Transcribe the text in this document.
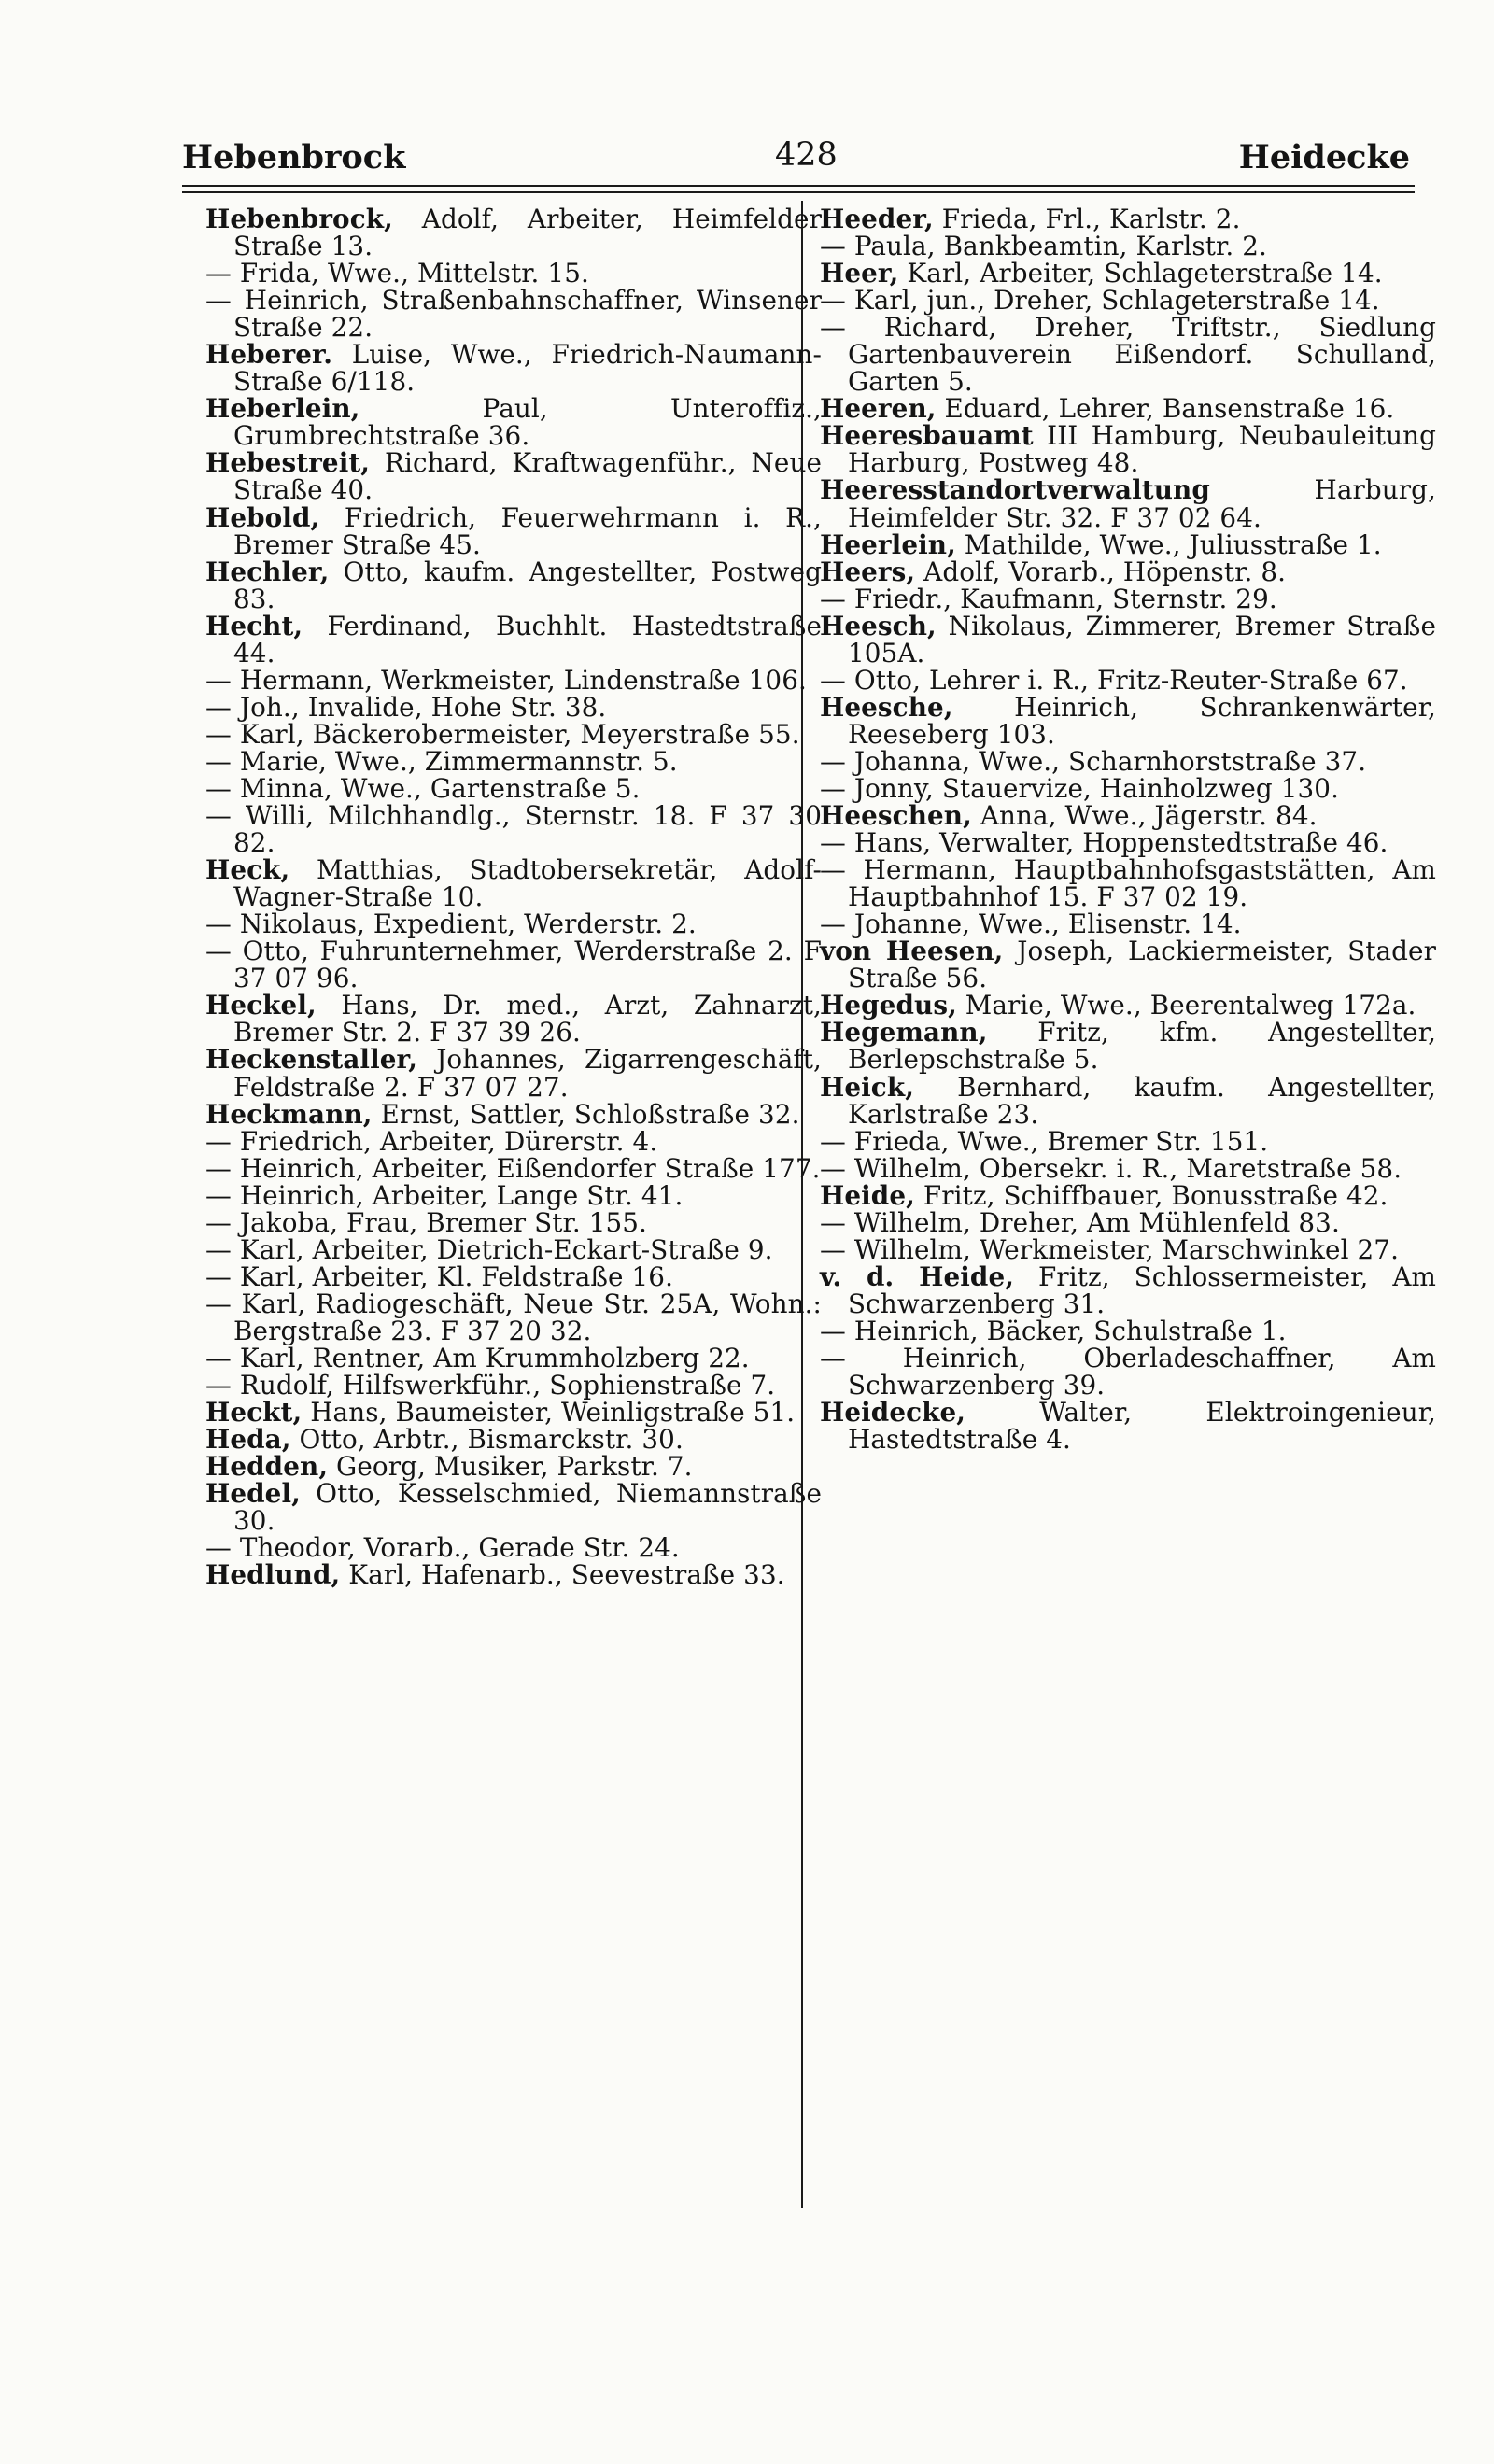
Hebenbrock	428	Heidecke
Hebenbrock, Adolf, Arbeiter, Heimfelder Straße 13.
— Frida, Wwe., Mittelstr. 15.
— Heinrich, Straßenbahnschaffner, Winsener Straße 22.
Heberer. Luise, Wwe., Friedrich-Naumann-Straße 6/118.
Heberlein, Paul, Unteroffiz., Grumbrechtstraße 36.
Hebestreit, Richard, Kraftwagenführ., Neue Straße 40.
Hebold, Friedrich, Feuerwehrmann i. R., Bremer Straße 45.
Hechler, Otto, kaufm. Angestellter, Postweg 83.
Hecht, Ferdinand, Buchhlt. Hastedtstraße 44.
— Hermann, Werkmeister, Lindenstraße 106.
— Joh., Invalide, Hohe Str. 38.
— Karl, Bäckerobermeister, Meyerstraße 55.
— Marie, Wwe., Zimmermannstr. 5.
— Minna, Wwe., Gartenstraße 5.
— Willi, Milchhandlg., Sternstr. 18. F 37 30 82.
Heck, Matthias, Stadtobersekretär, Adolf-Wagner-Straße 10.
— Nikolaus, Expedient, Werderstr. 2.
— Otto, Fuhrunternehmer, Werderstraße 2. F 37 07 96.
Heckel, Hans, Dr. med., Arzt, Zahnarzt, Bremer Str. 2. F 37 39 26.
Heckenstaller, Johannes, Zigarrengeschäft, Feldstraße 2. F 37 07 27.
Heckmann, Ernst, Sattler, Schloßstraße 32.
— Friedrich, Arbeiter, Dürerstr. 4.
— Heinrich, Arbeiter, Eißendorfer Straße 177.
— Heinrich, Arbeiter, Lange Str. 41.
— Jakoba, Frau, Bremer Str. 155.
— Karl, Arbeiter, Dietrich-Eckart-Straße 9.
— Karl, Arbeiter, Kl. Feldstraße 16.
— Karl, Radiogeschäft, Neue Str. 25A, Wohn.: Bergstraße 23. F 37 20 32.
— Karl, Rentner, Am Krummholzberg 22.
— Rudolf, Hilfswerkführ., Sophienstraße 7.
Heckt, Hans, Baumeister, Weinligstraße 51.
Heda, Otto, Arbtr., Bismarckstr. 30.
Hedden, Georg, Musiker, Parkstr. 7.
Hedel, Otto, Kesselschmied, Niemannstraße 30.
— Theodor, Vorarb., Gerade Str. 24.
Hedlund, Karl, Hafenarb., Seevestraße 33.
Heeder, Frieda, Frl., Karlstr. 2.
— Paula, Bankbeamtin, Karlstr. 2.
Heer, Karl, Arbeiter, Schlageterstraße 14.
— Karl, jun., Dreher, Schlageterstraße 14.
— Richard, Dreher, Triftstr., Siedlung Gartenbauverein Eißendorf. Schulland, Garten 5.
Heeren, Eduard, Lehrer, Bansenstraße 16.
Heeresbauamt III Hamburg, Neubauleitung Harburg, Postweg 48.
Heeresstandortverwaltung Harburg, Heimfelder Str. 32. F 37 02 64.
Heerlein, Mathilde, Wwe., Juliusstraße 1.
Heers, Adolf, Vorarb., Höpenstr. 8.
— Friedr., Kaufmann, Sternstr. 29.
Heesch, Nikolaus, Zimmerer, Bremer Straße 105A.
— Otto, Lehrer i. R., Fritz-Reuter-Straße 67.
Heesche, Heinrich, Schrankenwärter, Reeseberg 103.
— Johanna, Wwe., Scharnhorststraße 37.
— Jonny, Stauervize, Hainholzweg 130.
Heeschen, Anna, Wwe., Jägerstr. 84.
— Hans, Verwalter, Hoppenstedtstraße 46.
— Hermann, Hauptbahnhofsgaststätten, Am Hauptbahnhof 15. F 37 02 19.
— Johanne, Wwe., Elisenstr. 14.
von Heesen, Joseph, Lackiermeister, Stader Straße 56.
Hegedus, Marie, Wwe., Beerentalweg 172a.
Hegemann, Fritz, kfm. Angestellter, Berlepschstraße 5.
Heick, Bernhard, kaufm. Angestellter, Karlstraße 23.
— Frieda, Wwe., Bremer Str. 151.
— Wilhelm, Obersekr. i. R., Maretstraße 58.
Heide, Fritz, Schiffbauer, Bonusstraße 42.
— Wilhelm, Dreher, Am Mühlenfeld 83.
— Wilhelm, Werkmeister, Marschwinkel 27.
v. d. Heide, Fritz, Schlossermeister, Am Schwarzenberg 31.
— Heinrich, Bäcker, Schulstraße 1.
— Heinrich, Oberladeschaffner, Am Schwarzenberg 39.
Heidecke, Walter, Elektroingenieur, Hastedtstraße 4.
